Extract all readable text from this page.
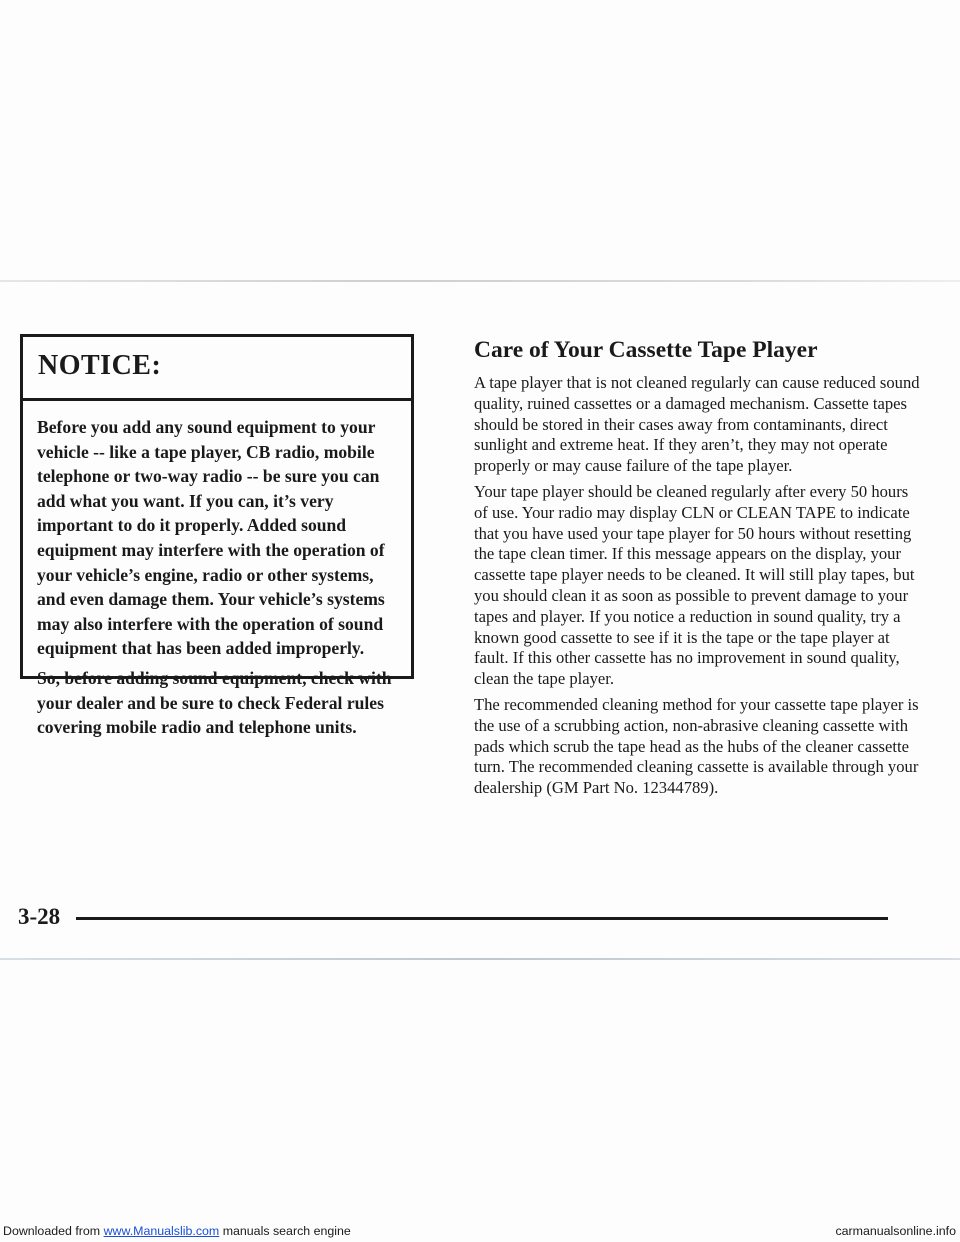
NOTICE:

Before you add any sound equipment to your vehicle -- like a tape player, CB radio, mobile telephone or two-way radio -- be sure you can add what you want. If you can, it’s very important to do it properly. Added sound equipment may interfere with the operation of your vehicle’s engine, radio or other systems, and even damage them. Your vehicle’s systems may also interfere with the operation of sound equipment that has been added improperly.

So, before adding sound equipment, check with your dealer and be sure to check Federal rules covering mobile radio and telephone units.

Care of Your Cassette Tape Player

A tape player that is not cleaned regularly can cause reduced sound quality, ruined cassettes or a damaged mechanism. Cassette tapes should be stored in their cases away from contaminants, direct sunlight and extreme heat. If they aren’t, they may not operate properly or may cause failure of the tape player.

Your tape player should be cleaned regularly after every 50 hours of use. Your radio may display CLN or CLEAN TAPE to indicate that you have used your tape player for 50 hours without resetting the tape clean timer. If this message appears on the display, your cassette tape player needs to be cleaned. It will still play tapes, but you should clean it as soon as possible to prevent damage to your tapes and player. If you notice a reduction in sound quality, try a known good cassette to see if it is the tape or the tape player at fault. If this other cassette has no improvement in sound quality, clean the tape player.

The recommended cleaning method for your cassette tape player is the use of a scrubbing action, non-abrasive cleaning cassette with pads which scrub the tape head as the hubs of the cleaner cassette turn. The recommended cleaning cassette is available through your dealership (GM Part No. 12344789).

3-28
Downloaded from www.Manualslib.com manuals search engine	carmanualsonline.info
